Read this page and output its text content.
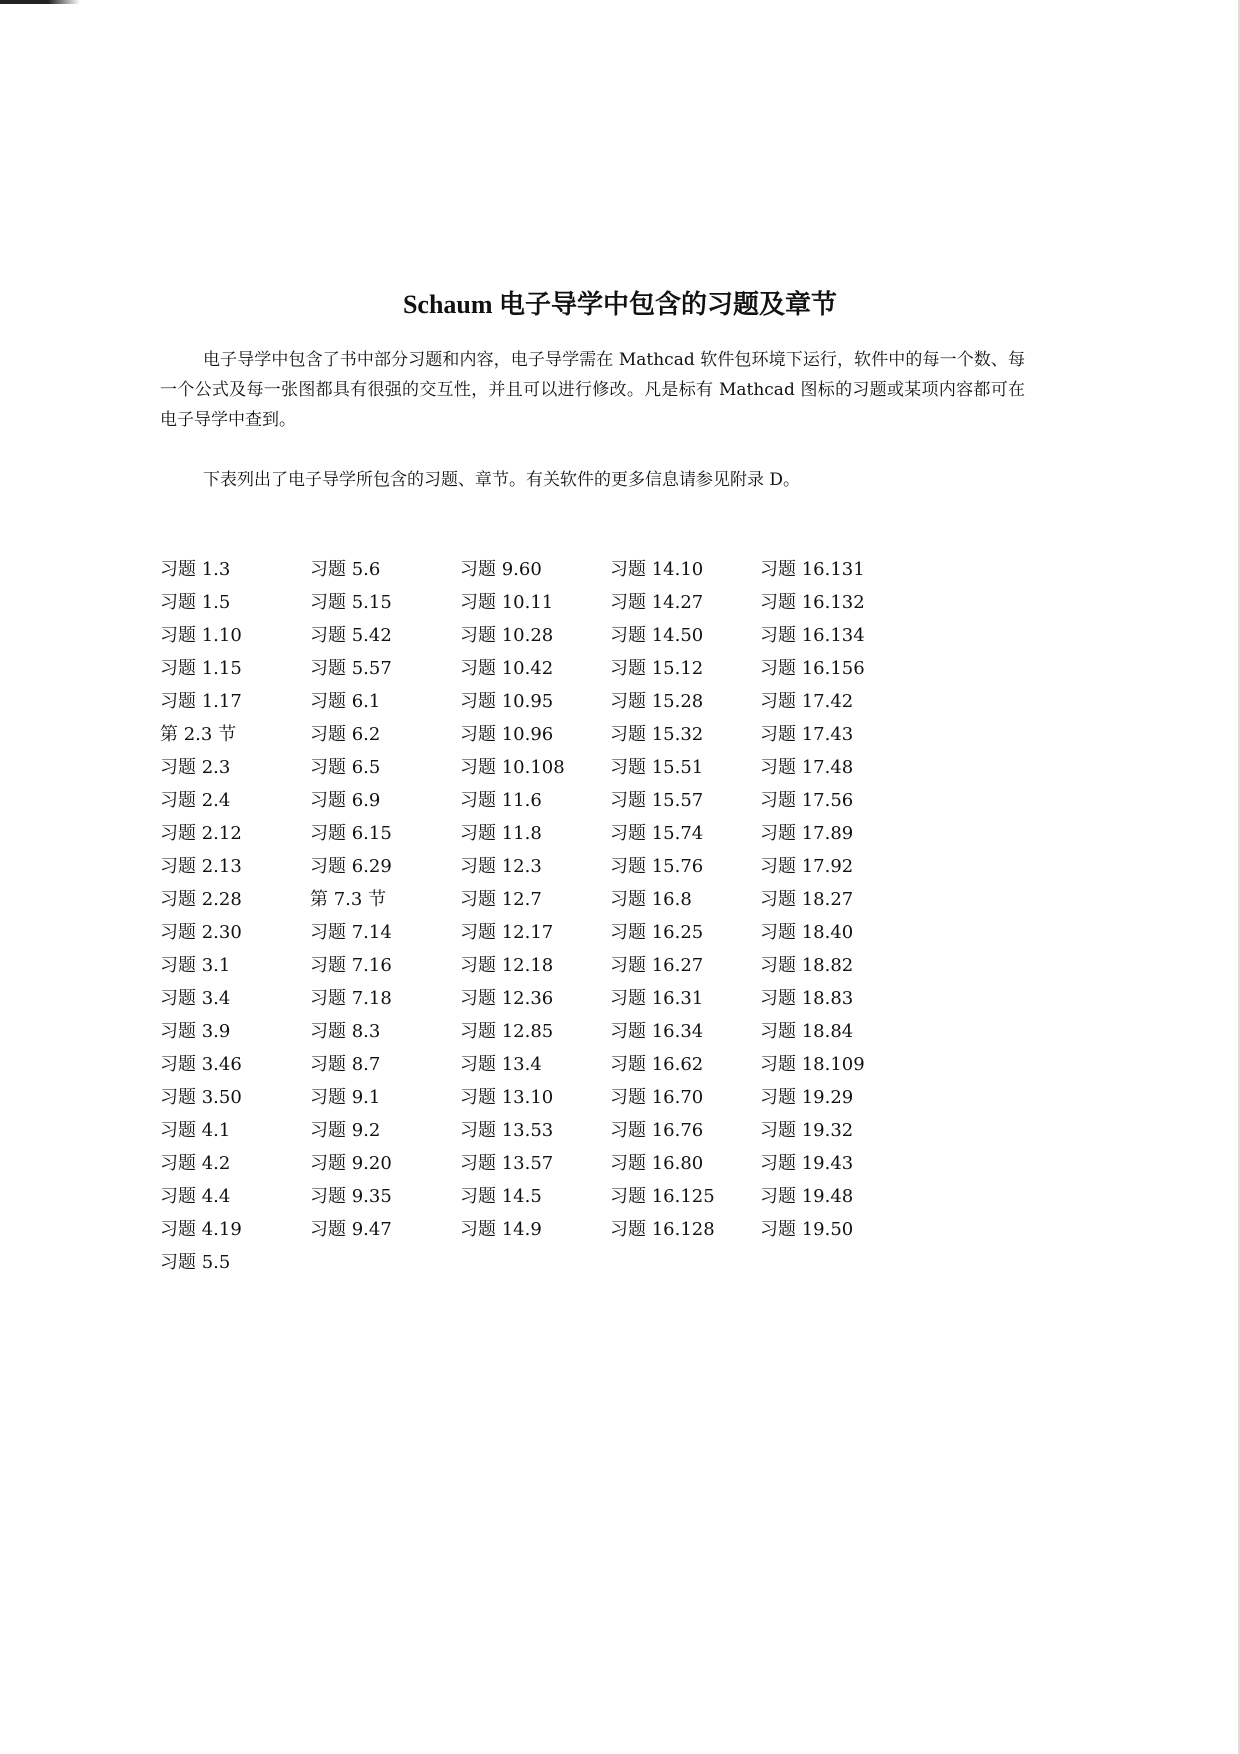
Schaum 电子导学中包含的习题及章节
电子导学中包含了书中部分习题和内容，电子导学需在 Mathcad 软件包环境下运行，软件中的每一个数、每一个公式及每一张图都具有很强的交互性，并且可以进行修改。凡是标有 Mathcad 图标的习题或某项内容都可在电子导学中查到。
下表列出了电子导学所包含的习题、章节。有关软件的更多信息请参见附录 D。
习题 1.3
习题 1.5
习题 1.10
习题 1.15
习题 1.17
第 2.3 节
习题 2.3
习题 2.4
习题 2.12
习题 2.13
习题 2.28
习题 2.30
习题 3.1
习题 3.4
习题 3.9
习题 3.46
习题 3.50
习题 4.1
习题 4.2
习题 4.4
习题 4.19
习题 5.5
习题 5.6
习题 5.15
习题 5.42
习题 5.57
习题 6.1
习题 6.2
习题 6.5
习题 6.9
习题 6.15
习题 6.29
第 7.3 节
习题 7.14
习题 7.16
习题 7.18
习题 8.3
习题 8.7
习题 9.1
习题 9.2
习题 9.20
习题 9.35
习题 9.47
习题 9.60
习题 10.11
习题 10.28
习题 10.42
习题 10.95
习题 10.96
习题 10.108
习题 11.6
习题 11.8
习题 12.3
习题 12.7
习题 12.17
习题 12.18
习题 12.36
习题 12.85
习题 13.4
习题 13.10
习题 13.53
习题 13.57
习题 14.5
习题 14.9
习题 14.10
习题 14.27
习题 14.50
习题 15.12
习题 15.28
习题 15.32
习题 15.51
习题 15.57
习题 15.74
习题 15.76
习题 16.8
习题 16.25
习题 16.27
习题 16.31
习题 16.34
习题 16.62
习题 16.70
习题 16.76
习题 16.80
习题 16.125
习题 16.128
习题 16.131
习题 16.132
习题 16.134
习题 16.156
习题 17.42
习题 17.43
习题 17.48
习题 17.56
习题 17.89
习题 17.92
习题 18.27
习题 18.40
习题 18.82
习题 18.83
习题 18.84
习题 18.109
习题 19.29
习题 19.32
习题 19.43
习题 19.48
习题 19.50
